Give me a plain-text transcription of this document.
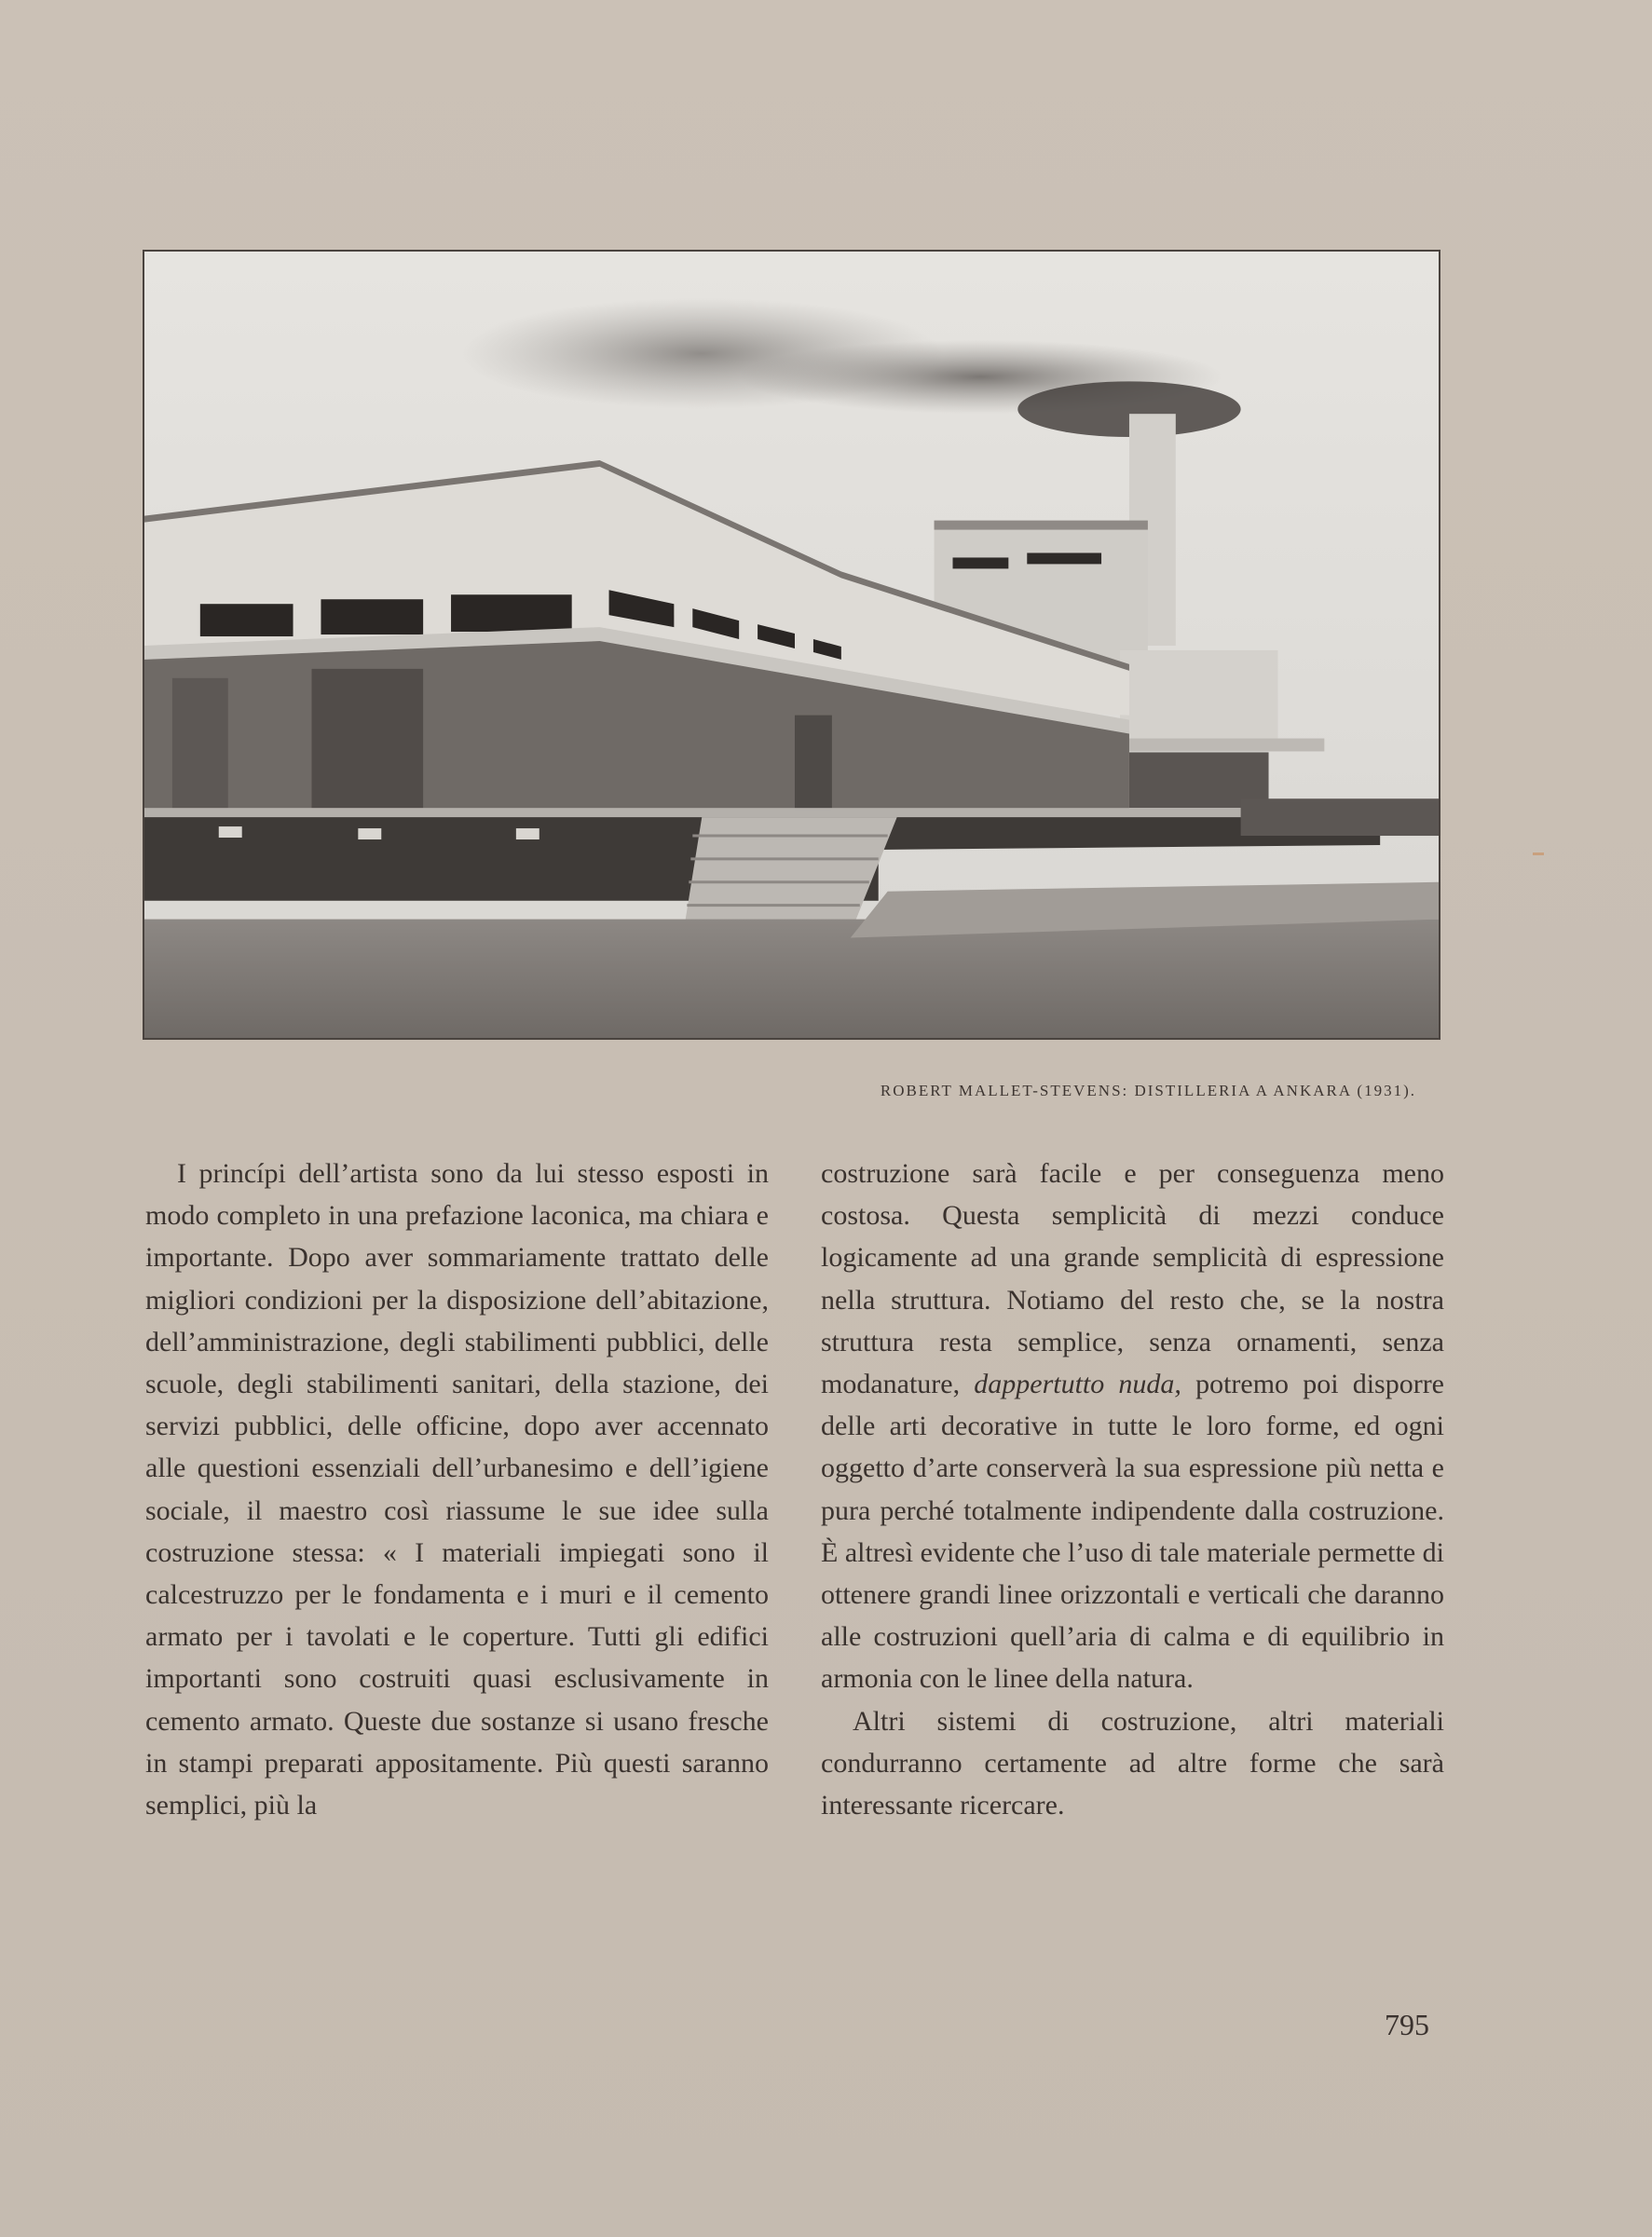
ROBERT MALLET-STEVENS: DISTILLERIA A ANKARA (1931).

I princípi dell’artista sono da lui stesso esposti in modo completo in una prefazione laconica, ma chiara e importante. Dopo aver sommariamente trattato delle migliori condizioni per la disposizione dell’abitazione, dell’amministrazione, degli stabilimenti pubblici, delle scuole, degli stabilimenti sanitari, della stazione, dei servizi pubblici, delle officine, dopo aver accennato alle questioni essenziali dell’urbanesimo e dell’igiene sociale, il maestro così riassume le sue idee sulla costruzione stessa: « I materiali impiegati sono il calcestruzzo per le fondamenta e i muri e il cemento armato per i tavolati e le coperture. Tutti gli edifici importanti sono costruiti quasi esclusivamente in cemento armato. Queste due sostanze si usano fresche in stampi preparati appositamente. Più questi saranno semplici, più la

costruzione sarà facile e per conseguenza meno costosa. Questa semplicità di mezzi conduce logicamente ad una grande semplicità di espressione nella struttura. Notiamo del resto che, se la nostra struttura resta semplice, senza ornamenti, senza modanature, dappertutto nuda, potremo poi disporre delle arti decorative in tutte le loro forme, ed ogni oggetto d’arte conserverà la sua espressione più netta e pura perché totalmente indipendente dalla costruzione. È altresì evidente che l’uso di tale materiale permette di ottenere grandi linee orizzontali e verticali che daranno alle costruzioni quell’aria di calma e di equilibrio in armonia con le linee della natura.

Altri sistemi di costruzione, altri materiali condurranno certamente ad altre forme che sarà interessante ricercare.

795
